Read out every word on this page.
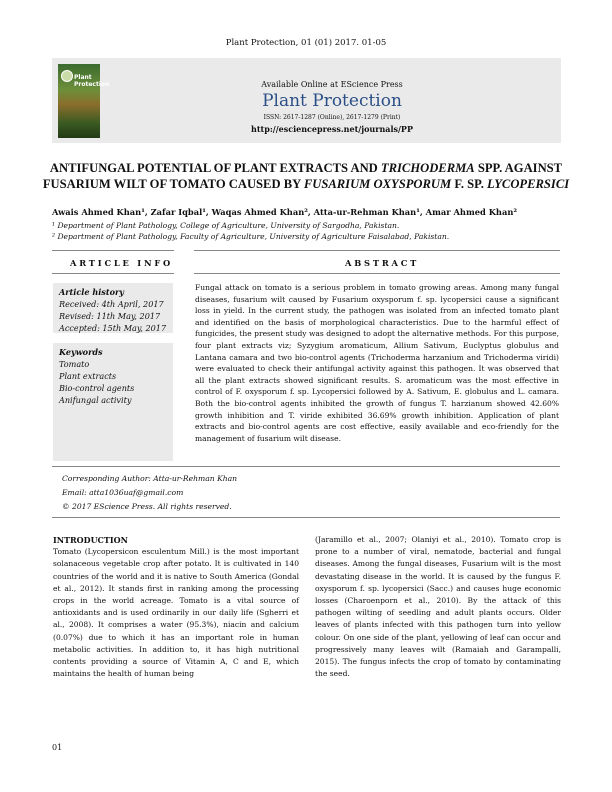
Plant Protection, 01 (01) 2017. 01-05
Plant Protection	Available Online at EScience Press
Plant Protection
ISSN: 2617-1287 (Online), 2617-1279 (Print)
http://esciencepress.net/journals/PP
ANTIFUNGAL POTENTIAL OF PLANT EXTRACTS AND TRICHODERMA SPP. AGAINST FUSARIUM WILT OF TOMATO CAUSED BY FUSARIUM OXYSPORUM F. SP. LYCOPERSICI
Awais Ahmed Khan¹, Zafar Iqbal¹, Waqas Ahmed Khan², Atta-ur-Rehman Khan¹, Amar Ahmed Khan²
¹ Department of Plant Pathology, College of Agriculture, University of Sargodha, Pakistan.
² Department of Plant Pathology, Faculty of Agriculture, University of Agriculture Faisalabad, Pakistan.
ARTICLE INFO	ABSTRACT
Article history
Received: 4th April, 2017
Revised: 11th May, 2017
Accepted: 15th May, 2017
Keywords
Tomato
Plant extracts
Bio-control agents
Anifungal activity
Fungal attack on tomato is a serious problem in tomato growing areas. Among many fungal diseases, fusarium wilt caused by Fusarium oxysporum f. sp. lycopersici cause a significant loss in yield. In the current study, the pathogen was isolated from an infected tomato plant and identified on the basis of morphological characteristics. Due to the harmful effect of fungicides, the present study was designed to adopt the alternative methods. For this purpose, four plant extracts viz; Syzygium aromaticum, Allium Sativum, Euclyptus globulus and Lantana camara and two bio-control agents (Trichoderma harzanium and Trichoderma viridi) were evaluated to check their antifungal activity against this pathogen. It was observed that all the plant extracts showed significant results. S. aromaticum was the most effective in control of F. oxysporum f. sp. Lycopersici followed by A. Sativum, E. globulus and L. camara. Both the bio-control agents inhibited the growth of fungus T. harzianum showed 42.60% growth inhibition and T. viride exhibited 36.69% growth inhibition. Application of plant extracts and bio-control agents are cost effective, easily available and eco-friendly for the management of fusarium wilt disease.
Corresponding Author: Atta-ur-Rehman Khan
Email: atta1036uaf@gmail.com
© 2017 EScience Press. All rights reserved.
INTRODUCTION
Tomato (Lycopersicon esculentum Mill.) is the most important solanaceous vegetable crop after potato. It is cultivated in 140 countries of the world and it is native to South America (Gondal et al., 2012). It stands first in ranking among the processing crops in the world acreage. Tomato is a vital source of antioxidants and is used ordinarily in our daily life (Sgherri et al., 2008). It comprises a water (95.3%), niacin and calcium (0.07%) due to which it has an important role in human metabolic activities. In addition to, it has high nutritional contents providing a source of Vitamin A, C and E, which maintains the health of human being
(Jaramillo et al., 2007; Olaniyi et al., 2010). Tomato crop is prone to a number of viral, nematode, bacterial and fungal diseases. Among the fungal diseases, Fusarium wilt is the most devastating disease in the world. It is caused by the fungus F. oxysporum f. sp. lycopersici (Sacc.) and causes huge economic losses (Charoenporn et al., 2010). By the attack of this pathogen wilting of seedling and adult plants occurs. Older leaves of plants infected with this pathogen turn into yellow colour. On one side of the plant, yellowing of leaf can occur and progressively many leaves wilt (Ramaiah and Garampalli, 2015). The fungus infects the crop of tomato by contaminating the seed.
01
